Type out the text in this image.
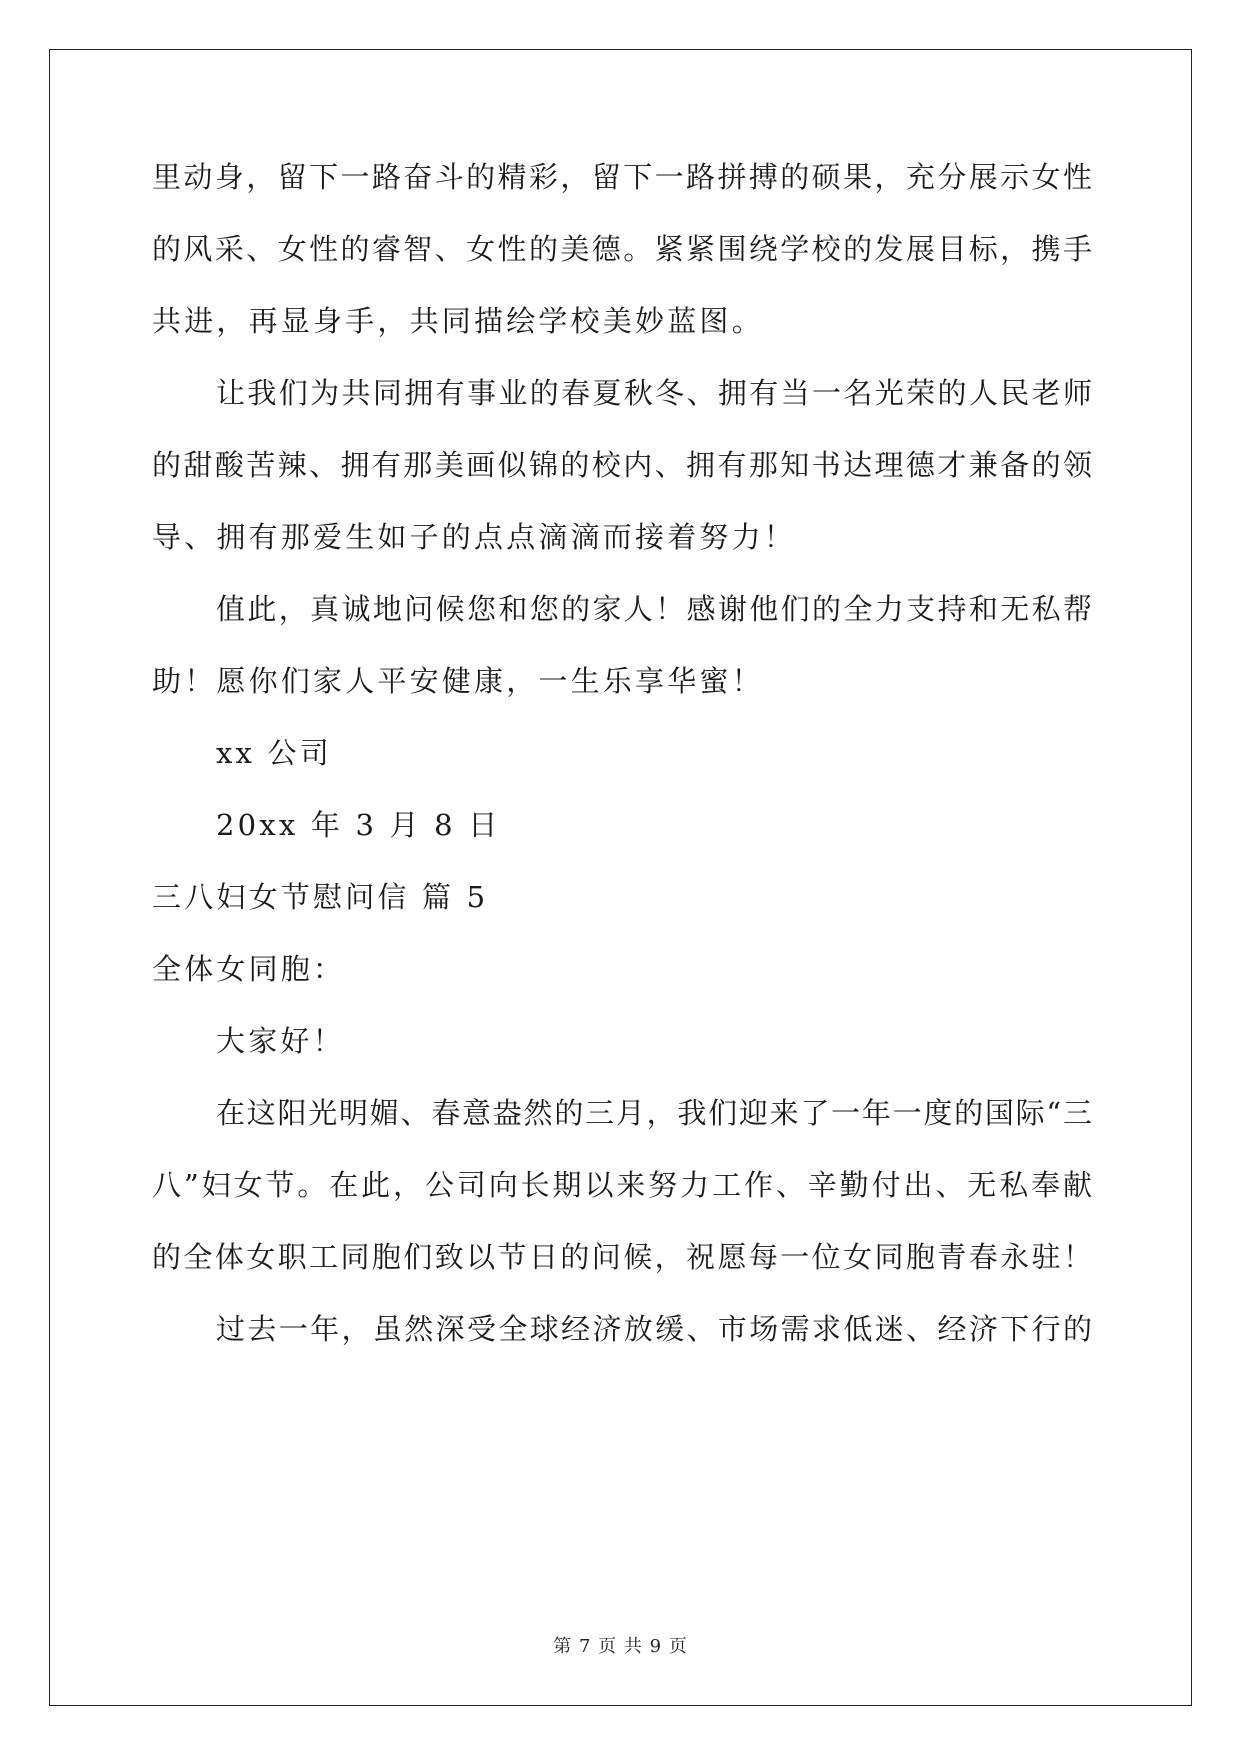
里动身，留下一路奋斗的精彩，留下一路拼搏的硕果，充分展示女性
的风采、女性的睿智、女性的美德。紧紧围绕学校的发展目标，携手
共进，再显身手，共同描绘学校美妙蓝图。
让我们为共同拥有事业的春夏秋冬、拥有当一名光荣的人民老师
的甜酸苦辣、拥有那美画似锦的校内、拥有那知书达理德才兼备的领
导、拥有那爱生如子的点点滴滴而接着努力！
值此，真诚地问候您和您的家人！感谢他们的全力支持和无私帮
助！愿你们家人平安健康，一生乐享华蜜！
xx 公司
20xx 年 3 月 8 日
三八妇女节慰问信 篇 5
全体女同胞：
大家好！
在这阳光明媚、春意盎然的三月，我们迎来了一年一度的国际“三
八”妇女节。在此，公司向长期以来努力工作、辛勤付出、无私奉献
的全体女职工同胞们致以节日的问候，祝愿每一位女同胞青春永驻！
过去一年，虽然深受全球经济放缓、市场需求低迷、经济下行的
第 7 页 共 9 页
